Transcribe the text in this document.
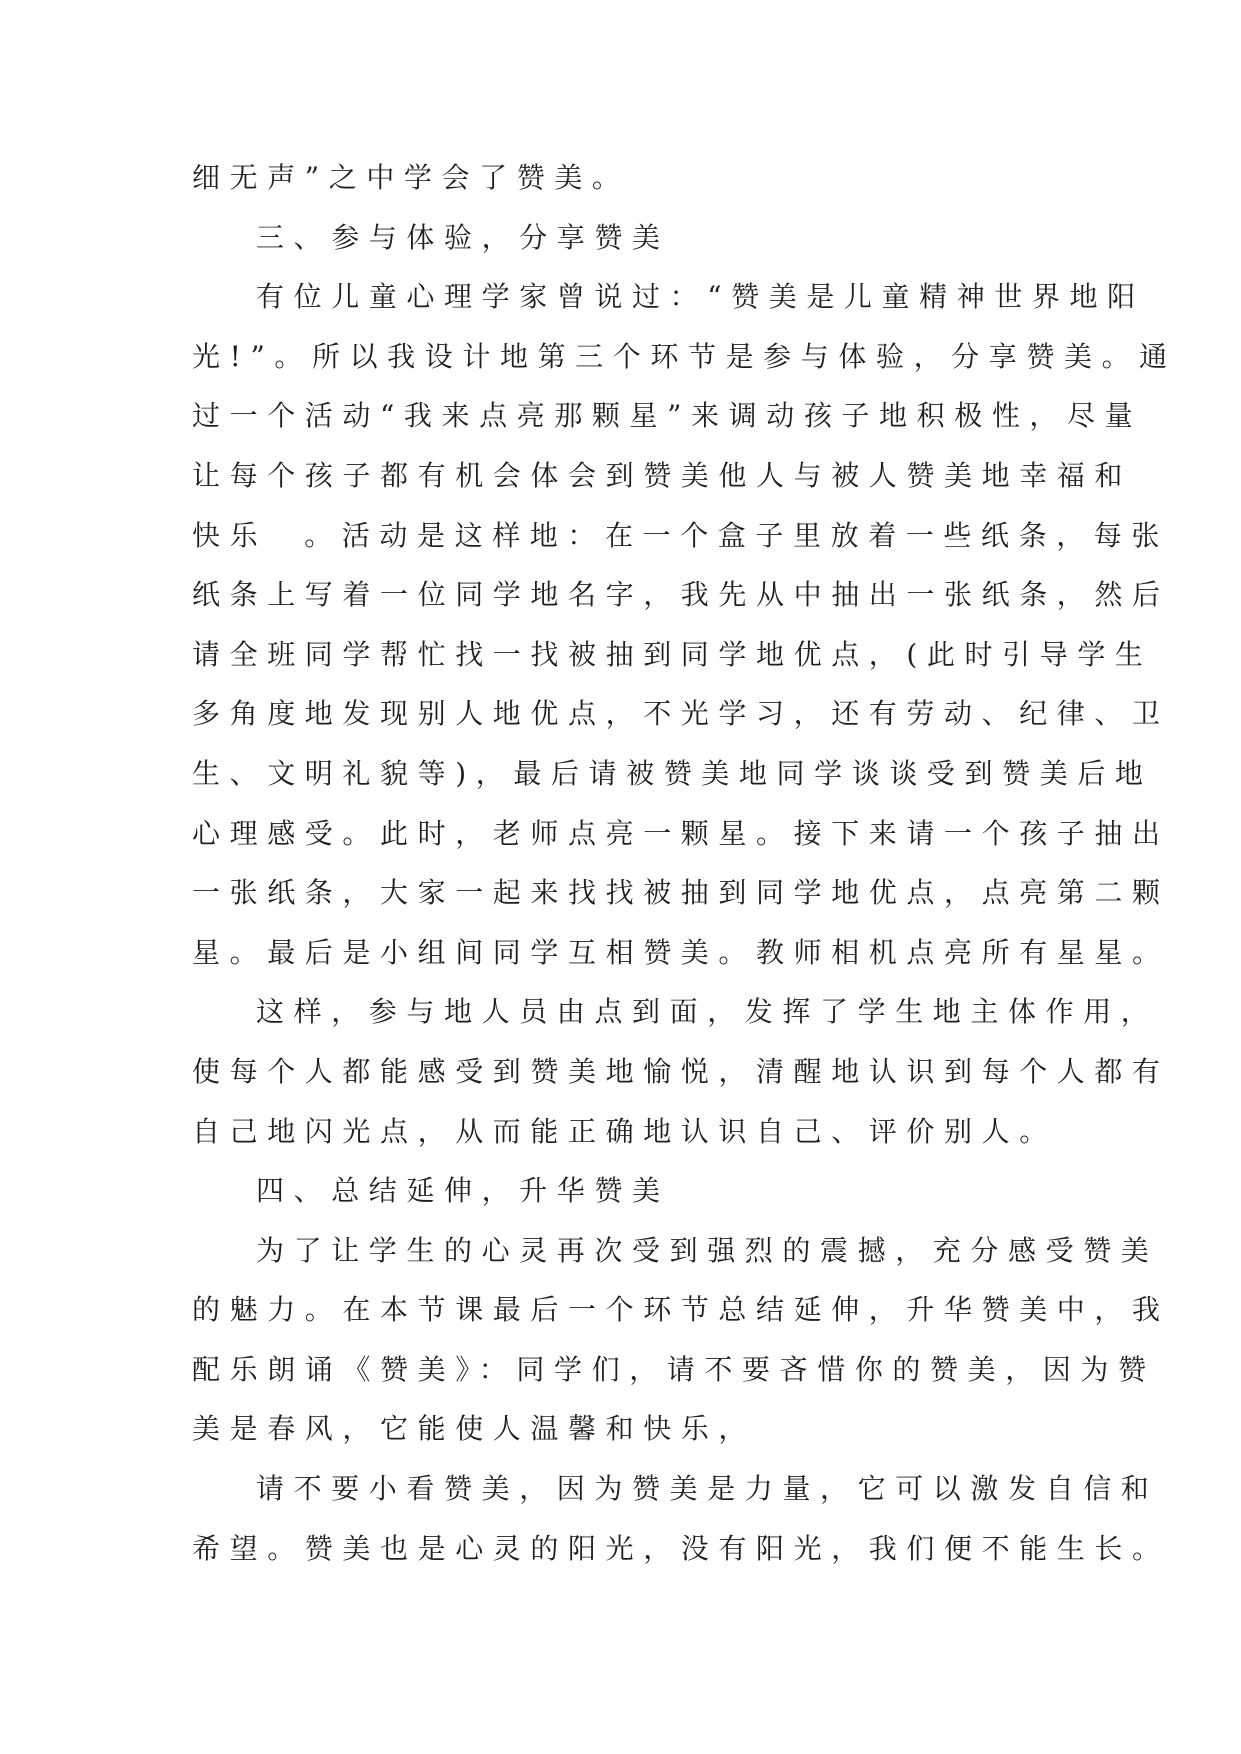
细无声”之中学会了赞美。
三、参与体验，分享赞美
有位儿童心理学家曾说过：“赞美是儿童精神世界地阳
光!”。所以我设计地第三个环节是参与体验，分享赞美。通
过一个活动“我来点亮那颗星”来调动孩子地积极性，尽量
让每个孩子都有机会体会到赞美他人与被人赞美地幸福和
快乐  。活动是这样地：在一个盒子里放着一些纸条，每张
纸条上写着一位同学地名字，我先从中抽出一张纸条，然后
请全班同学帮忙找一找被抽到同学地优点，(此时引导学生
多角度地发现别人地优点，不光学习，还有劳动、纪律、卫
生、文明礼貌等)，最后请被赞美地同学谈谈受到赞美后地
心理感受。此时，老师点亮一颗星。接下来请一个孩子抽出
一张纸条，大家一起来找找被抽到同学地优点，点亮第二颗
星。最后是小组间同学互相赞美。教师相机点亮所有星星。
这样，参与地人员由点到面，发挥了学生地主体作用，
使每个人都能感受到赞美地愉悦，清醒地认识到每个人都有
自己地闪光点，从而能正确地认识自己、评价别人。
四、总结延伸，升华赞美
为了让学生的心灵再次受到强烈的震撼，充分感受赞美
的魅力。在本节课最后一个环节总结延伸，升华赞美中，我
配乐朗诵《赞美》：同学们，请不要吝惜你的赞美，因为赞
美是春风，它能使人温馨和快乐，
请不要小看赞美，因为赞美是力量，它可以激发自信和
希望。赞美也是心灵的阳光，没有阳光，我们便不能生长。
